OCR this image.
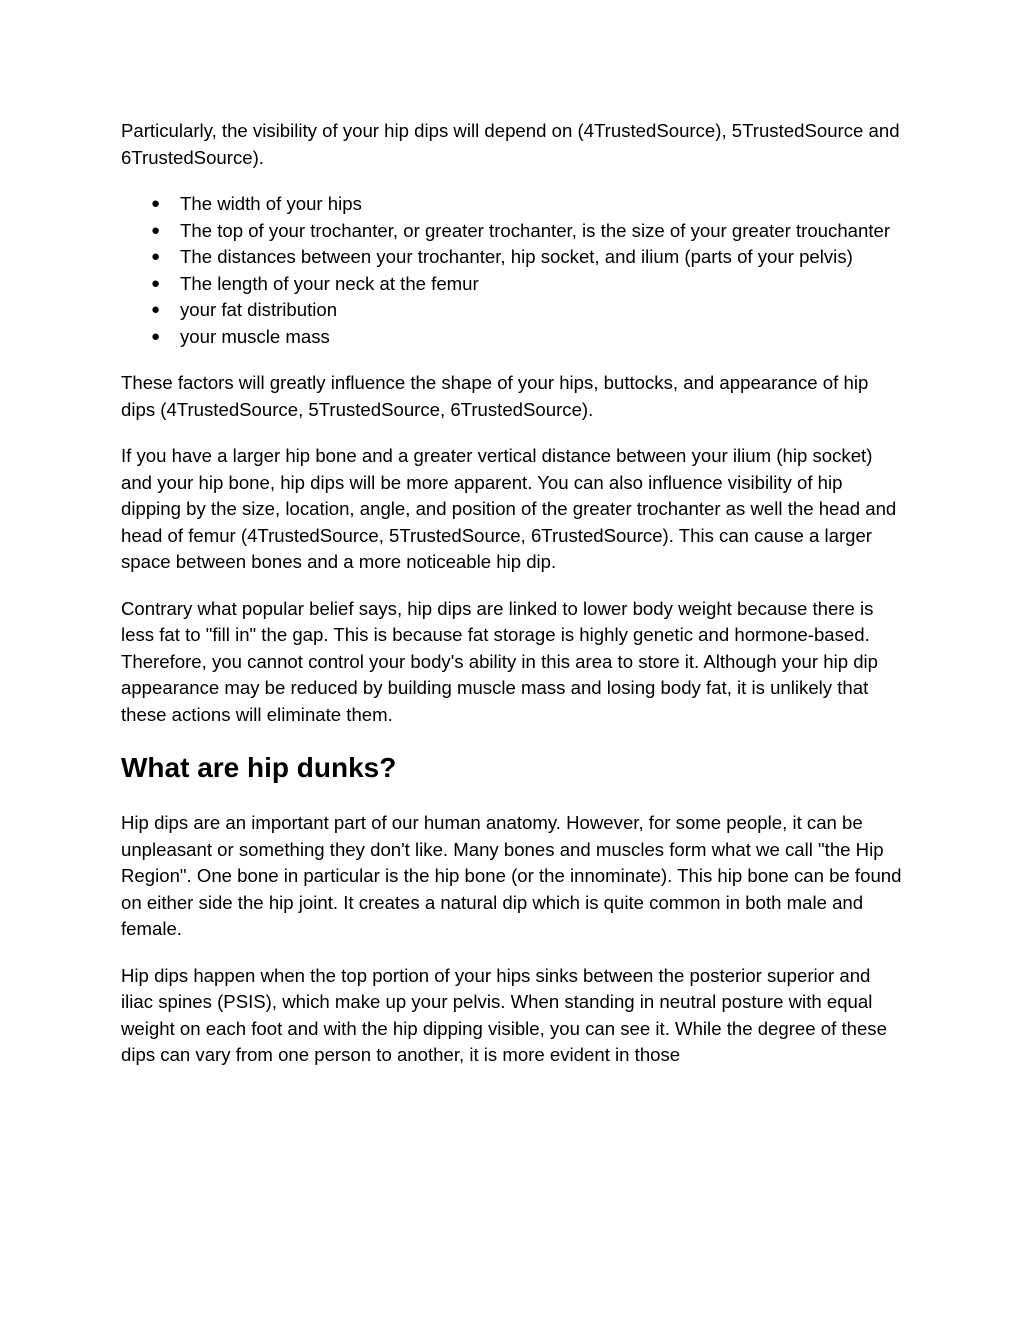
Particularly, the visibility of your hip dips will depend on (4TrustedSource), 5TrustedSource and 6TrustedSource).

● The width of your hips
● The top of your trochanter, or greater trochanter, is the size of your greater trouchanter
● The distances between your trochanter, hip socket, and ilium (parts of your pelvis)
● The length of your neck at the femur
● your fat distribution
● your muscle mass

These factors will greatly influence the shape of your hips, buttocks, and appearance of hip dips (4TrustedSource, 5TrustedSource, 6TrustedSource).

If you have a larger hip bone and a greater vertical distance between your ilium (hip socket) and your hip bone, hip dips will be more apparent. You can also influence visibility of hip dipping by the size, location, angle, and position of the greater trochanter as well the head and head of femur (4TrustedSource, 5TrustedSource, 6TrustedSource). This can cause a larger space between bones and a more noticeable hip dip.

Contrary what popular belief says, hip dips are linked to lower body weight because there is less fat to "fill in" the gap. This is because fat storage is highly genetic and hormone-based. Therefore, you cannot control your body's ability in this area to store it. Although your hip dip appearance may be reduced by building muscle mass and losing body fat, it is unlikely that these actions will eliminate them.

What are hip dunks?

Hip dips are an important part of our human anatomy. However, for some people, it can be unpleasant or something they don't like. Many bones and muscles form what we call "the Hip Region". One bone in particular is the hip bone (or the innominate). This hip bone can be found on either side the hip joint. It creates a natural dip which is quite common in both male and female.

Hip dips happen when the top portion of your hips sinks between the posterior superior and iliac spines (PSIS), which make up your pelvis. When standing in neutral posture with equal weight on each foot and with the hip dipping visible, you can see it. While the degree of these dips can vary from one person to another, it is more evident in those
